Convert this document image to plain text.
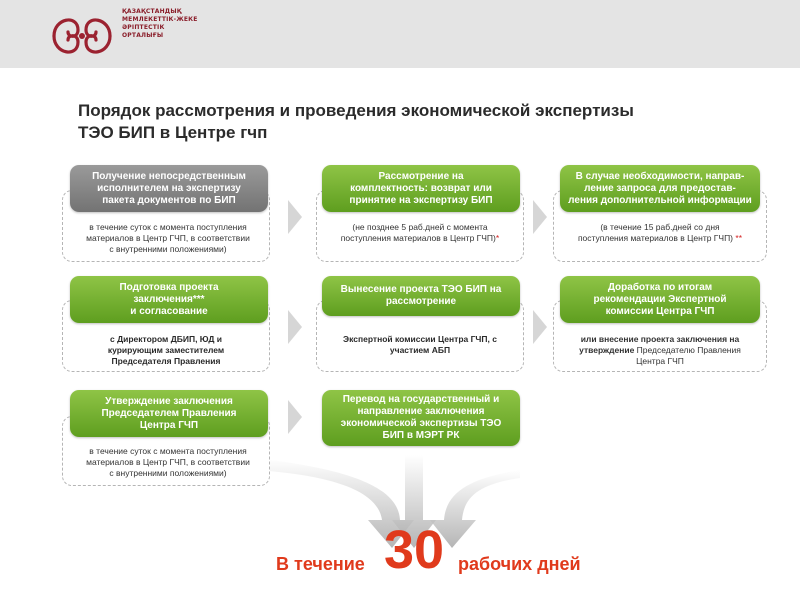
ҚАЗАҚСТАНДЫҚ
МЕМЛЕКЕТТІК-ЖЕКЕ
ӘРІПТЕСТІК
ОРТАЛЫҒЫ
Порядок рассмотрения и проведения экономической экспертизы
ТЭО БИП в Центре гчп
Получение непосредственным
исполнителем на экспертизу
пакета документов по БИП
в течение суток с момента поступления
материалов в Центр ГЧП, в соответствии
с внутренними положениями)
Рассмотрение на
комплектность: возврат или
принятие на экспертизу БИП
(не позднее 5 раб.дней с момента
поступления материалов в Центр ГЧП)*
В случае необходимости, направ-
ление запроса для предостав-
ления дополнительной информации
(в течение 15 раб.дней со дня
поступления материалов в Центр ГЧП) **
Подготовка проекта
заключения***
и согласование
с Директором ДБИП, ЮД и
курирующим заместителем
Председателя Правления
Вынесение проекта ТЭО БИП на
рассмотрение
Экспертной комиссии Центра ГЧП, с
участием АБП
Доработка по итогам
рекомендации Экспертной
комиссии Центра ГЧП
или внесение проекта заключения на
утверждение Председателю Правления
Центра ГЧП
Утверждение заключения
Председателем Правления
Центра ГЧП
в течение суток с момента поступления
материалов в Центр ГЧП, в соответствии
с внутренними положениями)
Перевод на государственный и
направление заключения
экономической экспертизы ТЭО
БИП в МЭРТ РК
В течение 30 рабочих дней
